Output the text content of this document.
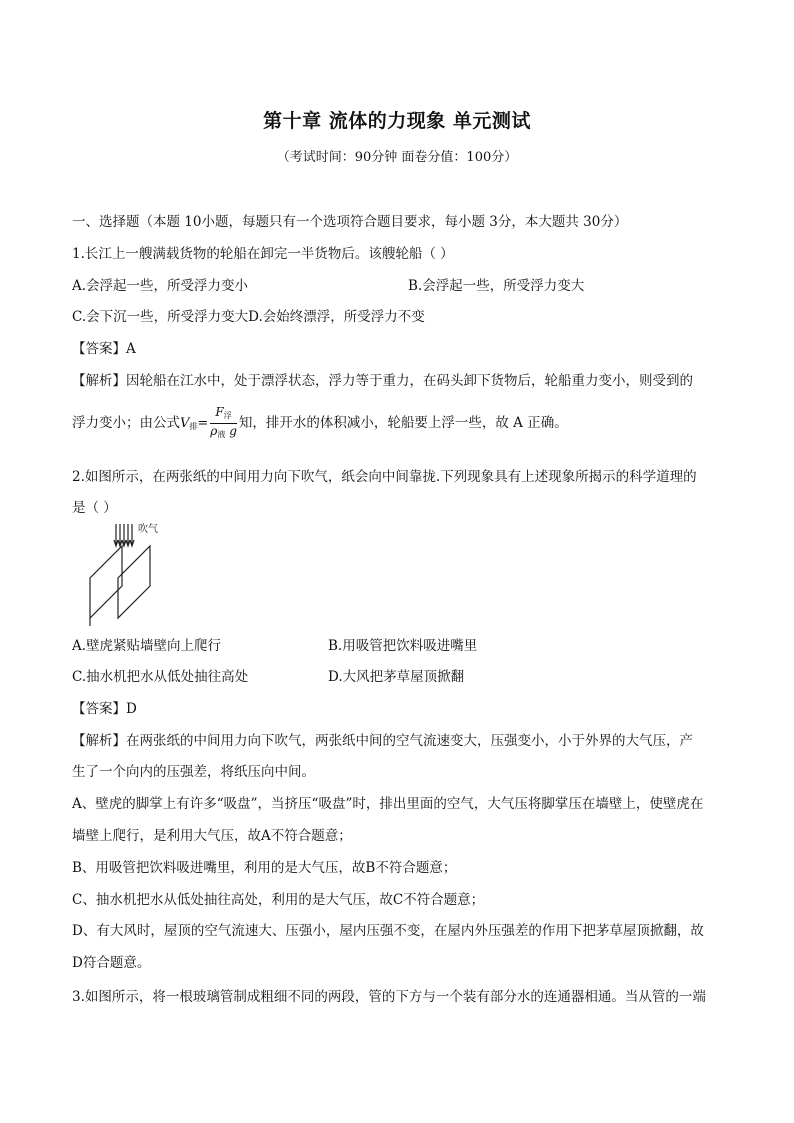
第十章 流体的力现象 单元测试
（考试时间：90分钟 面卷分值：100分）
一、选择题（本题 10小题，每题只有一个选项符合题目要求，每小题 3分，本大题共 30分）
1.长江上一艘满载货物的轮船在卸完一半货物后。该艘轮船（ ）
A.会浮起一些，所受浮力变小	B.会浮起一些，所受浮力变大
C.会下沉一些，所受浮力变大D.会始终漂浮，所受浮力不变
【答案】A
【解析】因轮船在江水中，处于漂浮状态，浮力等于重力，在码头卸下货物后，轮船重力变小，则受到的
浮力变小；由公式$V_排= \frac{F_浮}{\rho_液 g}$ 知，排开水的体积减小，轮船要上浮一些，故 A 正确。
2.如图所示，在两张纸的中间用力向下吹气，纸会向中间靠拢.下列现象具有上述现象所揭示的科学道理的
是（ ）
吹气
A.壁虎紧贴墙壁向上爬行	B.用吸管把饮料吸进嘴里
C.抽水机把水从低处抽往高处	D.大风把茅草屋顶掀翻
【答案】D
【解析】在两张纸的中间用力向下吹气，两张纸中间的空气流速变大，压强变小，小于外界的大气压，产
生了一个向内的压强差，将纸压向中间。
A、壁虎的脚掌上有许多“吸盘”，当挤压“吸盘”时，排出里面的空气，大气压将脚掌压在墙壁上，使壁虎在
墙壁上爬行，是利用大气压，故A不符合题意；
B、用吸管把饮料吸进嘴里，利用的是大气压，故B不符合题意；
C、抽水机把水从低处抽往高处，利用的是大气压，故C不符合题意；
D、有大风时，屋顶的空气流速大、压强小，屋内压强不变，在屋内外压强差的作用下把茅草屋顶掀翻，故
D符合题意。
3.如图所示，将一根玻璃管制成粗细不同的两段，管的下方与一个装有部分水的连通器相通。当从管的一端
